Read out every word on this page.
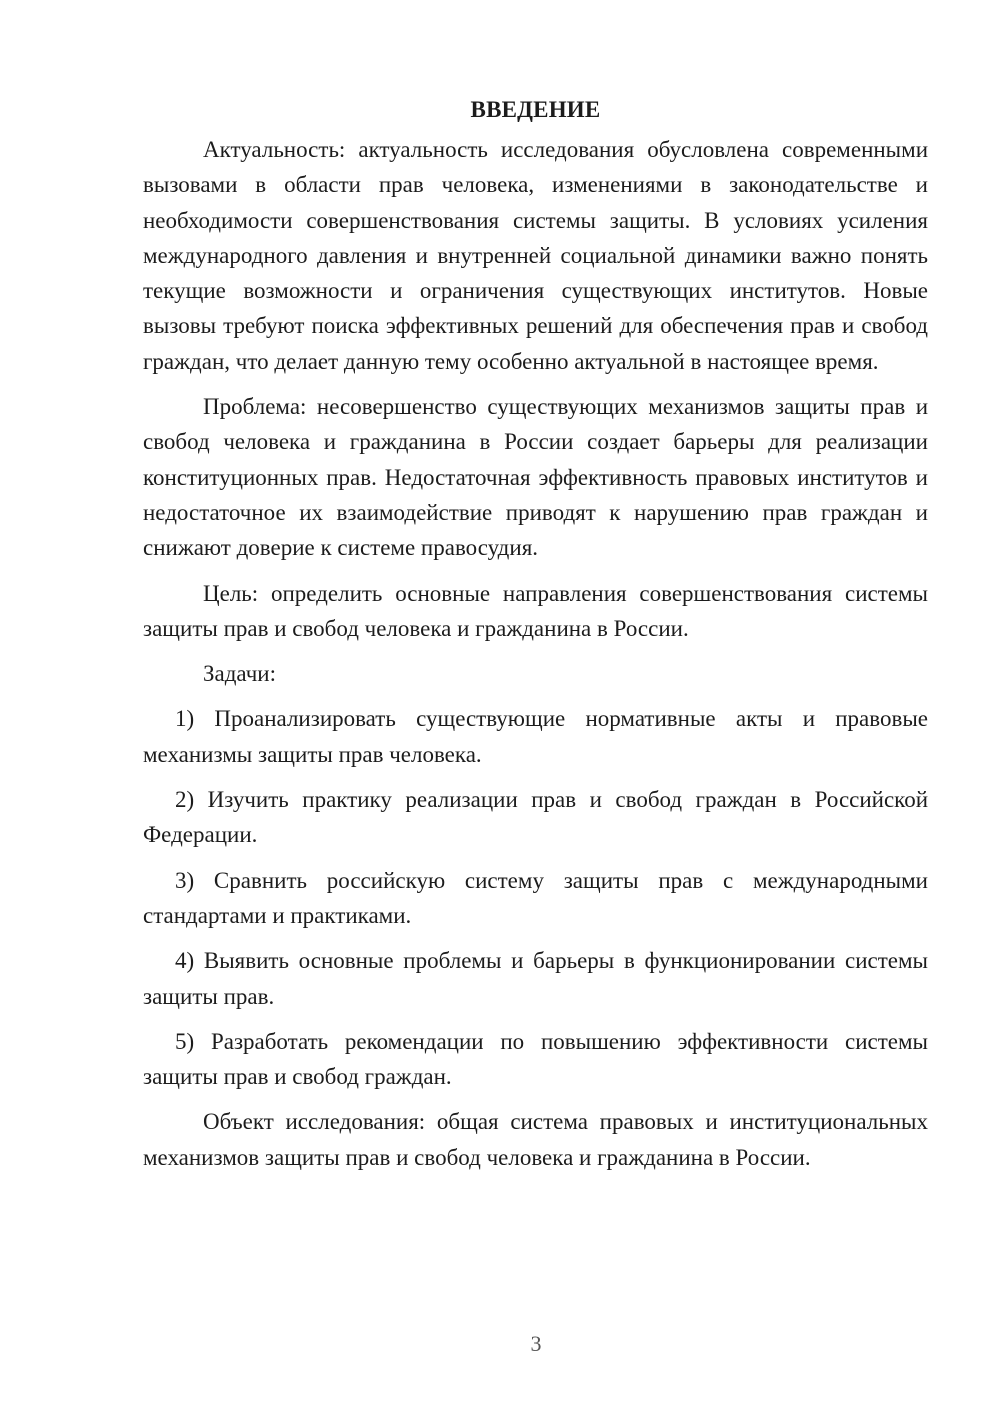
ВВЕДЕНИЕ

Актуальность: актуальность исследования обусловлена современными вызовами в области прав человека, изменениями в законодательстве и необходимости совершенствования системы защиты. В условиях усиления международного давления и внутренней социальной динамики важно понять текущие возможности и ограничения существующих институтов. Новые вызовы требуют поиска эффективных решений для обеспечения прав и свобод граждан, что делает данную тему особенно актуальной в настоящее время.

Проблема: несовершенство существующих механизмов защиты прав и свобод человека и гражданина в России создает барьеры для реализации конституционных прав. Недостаточная эффективность правовых институтов и недостаточное их взаимодействие приводят к нарушению прав граждан и снижают доверие к системе правосудия.

Цель: определить основные направления совершенствования системы защиты прав и свобод человека и гражданина в России.

Задачи:

1) Проанализировать существующие нормативные акты и правовые механизмы защиты прав человека.

2) Изучить практику реализации прав и свобод граждан в Российской Федерации.

3) Сравнить российскую систему защиты прав с международными стандартами и практиками.

4) Выявить основные проблемы и барьеры в функционировании системы защиты прав.

5) Разработать рекомендации по повышению эффективности системы защиты прав и свобод граждан.

Объект исследования: общая система правовых и институциональных механизмов защиты прав и свобод человека и гражданина в России.

3
